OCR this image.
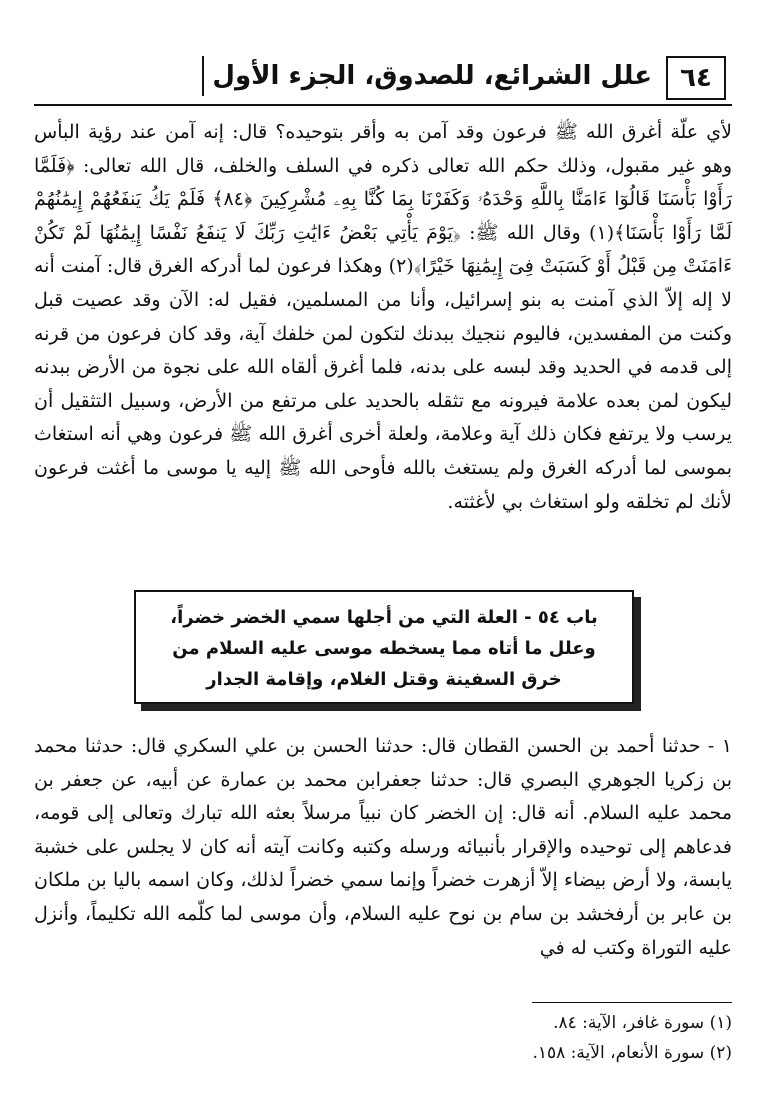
٦٤
علل الشرائع، للصدوق، الجزء الأول
لأي علّة أغرق الله ﷺ فرعون وقد آمن به وأقر بتوحيده؟ قال: إنه آمن عند رؤية البأس وهو غير مقبول، وذلك حكم الله تعالى ذكره في السلف والخلف، قال الله تعالى: ﴿فَلَمَّا رَأَوْا بَأْسَنَا قَالُوٓا ءَامَنَّا بِاللَّهِ وَحْدَهُۥ وَكَفَرْنَا بِمَا كُنَّا بِهِۦ مُشْرِكِينَ ﴿٨٤﴾ فَلَمْ يَكُ يَنفَعُهُمْ إِيمَٰنُهُمْ لَمَّا رَأَوْا بَأْسَنَا﴾(١) وقال الله ﷺ: ﴿يَوْمَ يَأْتِي بَعْضُ ءَايَٰتِ رَبِّكَ لَا يَنفَعُ نَفْسًا إِيمَٰنُهَا لَمْ تَكُنْ ءَامَنَتْ مِن قَبْلُ أَوْ كَسَبَتْ فِىٓ إِيمَٰنِهَا خَيْرًا﴾(٢) وهكذا فرعون لما أدركه الغرق قال: آمنت أنه لا إله إلاّ الذي آمنت به بنو إسرائيل، وأنا من المسلمين، فقيل له: الآن وقد عصيت قبل وكنت من المفسدين، فاليوم ننجيك ببدنك لتكون لمن خلفك آية، وقد كان فرعون من قرنه إلى قدمه في الحديد وقد لبسه على بدنه، فلما أغرق ألقاه الله على نجوة من الأرض ببدنه ليكون لمن بعده علامة فيرونه مع تثقله بالحديد على مرتفع من الأرض، وسبيل التثقيل أن يرسب ولا يرتفع فكان ذلك آية وعلامة، ولعلة أخرى أغرق الله ﷺ فرعون وهي أنه استغاث بموسى لما أدركه الغرق ولم يستغث بالله فأوحى الله ﷺ إليه يا موسى ما أغثت فرعون لأنك لم تخلقه ولو استغاث بي لأغثته.
باب ٥٤ - العلة التي من أجلها سمي الخضر خضراً، وعلل ما أتاه مما يسخطه موسى عليه السلام من خرق السفينة وقتل الغلام، وإقامة الجدار
١ - حدثنا أحمد بن الحسن القطان قال: حدثنا الحسن بن علي السكري قال: حدثنا محمد بن زكريا الجوهري البصري قال: حدثنا جعفرابن محمد بن عمارة عن أبيه، عن جعفر بن محمد عليه السلام. أنه قال: إن الخضر كان نبياً مرسلاً بعثه الله تبارك وتعالى إلى قومه، فدعاهم إلى توحيده والإقرار بأنبيائه ورسله وكتبه وكانت آيته أنه كان لا يجلس على خشبة يابسة، ولا أرض بيضاء إلاّ أزهرت خضراً وإنما سمي خضراً لذلك، وكان اسمه باليا بن ملكان بن عابر بن أرفخشد بن سام بن نوح عليه السلام، وأن موسى لما كلّمه الله تكليماً، وأنزل عليه التوراة وكتب له في
(١) سورة غافر، الآية: ٨٤.
(٢) سورة الأنعام، الآية: ١٥٨.
